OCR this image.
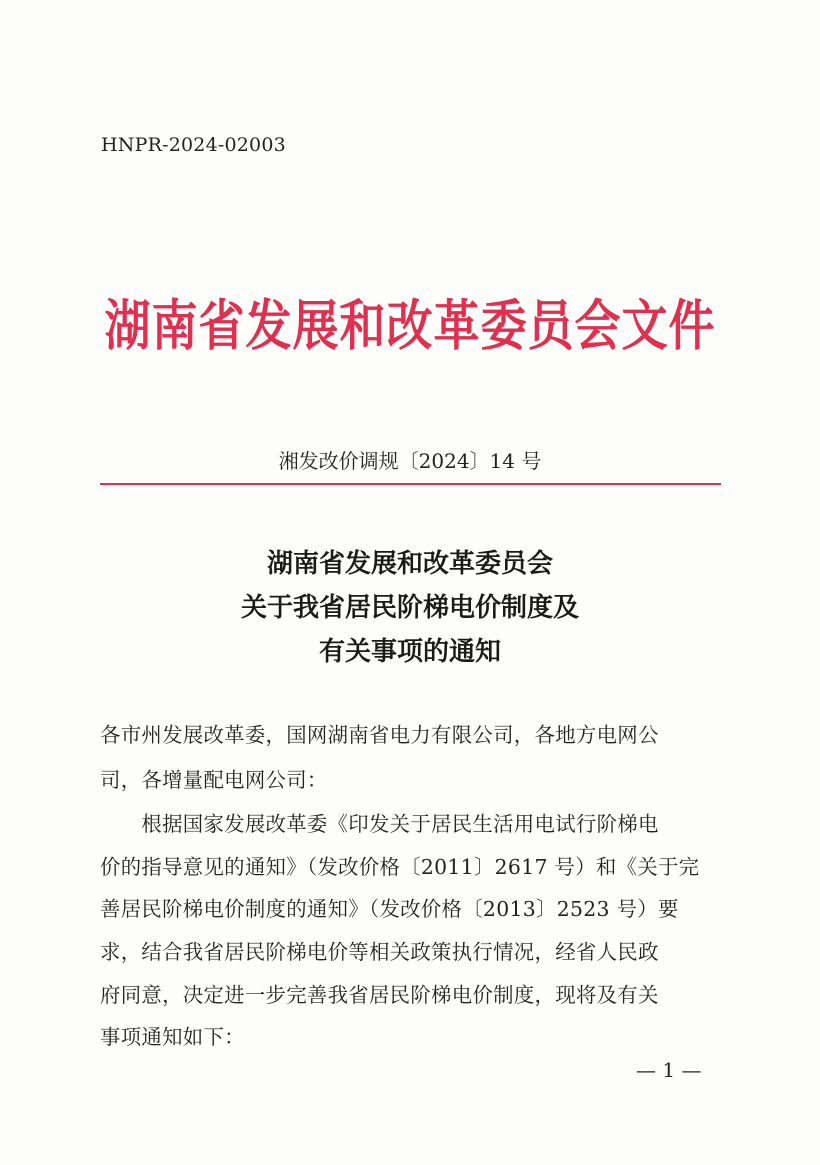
HNPR-2024-02003
湖南省发展和改革委员会文件
湘发改价调规〔2024〕14 号
湖南省发展和改革委员会
关于我省居民阶梯电价制度及
有关事项的通知
各市州发展改革委，国网湖南省电力有限公司，各地方电网公
司，各增量配电网公司：
　　根据国家发展改革委《印发关于居民生活用电试行阶梯电
价的指导意见的通知》（发改价格〔2011〕2617 号）和《关于完
善居民阶梯电价制度的通知》（发改价格〔2013〕2523 号）要
求，结合我省居民阶梯电价等相关政策执行情况，经省人民政
府同意，决定进一步完善我省居民阶梯电价制度，现将及有关
事项通知如下：
— 1 —
